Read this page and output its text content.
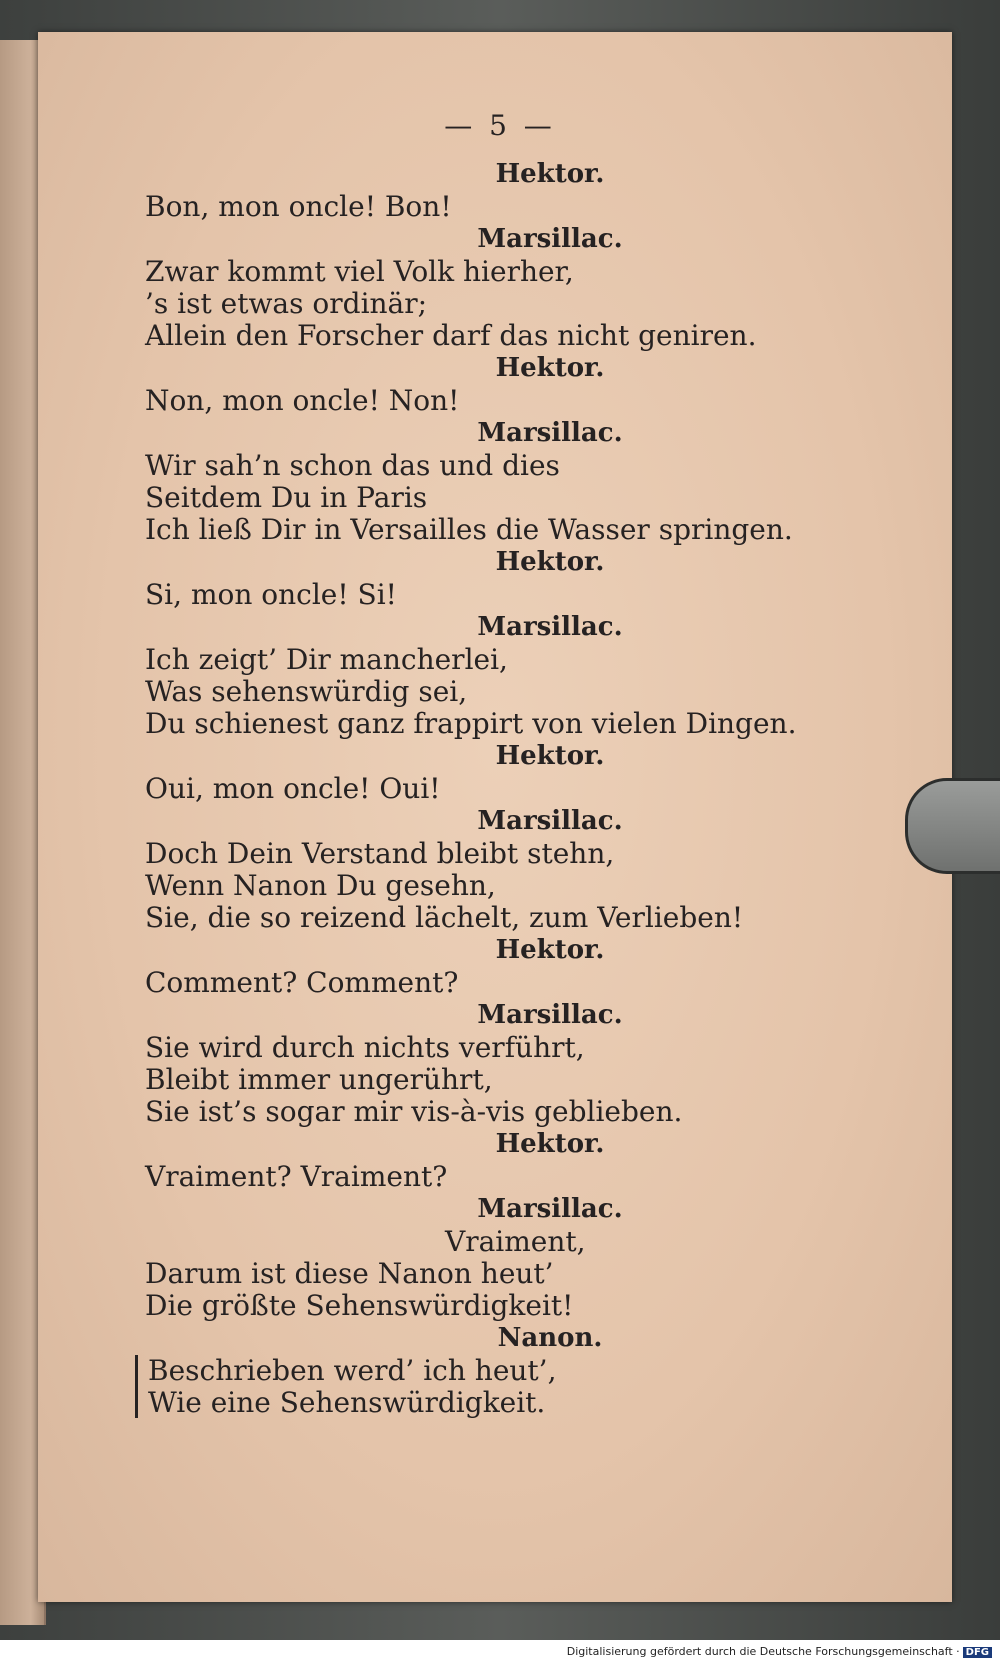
— 5 —
Hektor.
Bon, mon oncle! Bon!
Marsillac.
Zwar kommt viel Volk hierher,
’s ist etwas ordinär;
Allein den Forscher darf das nicht geniren.
Hektor.
Non, mon oncle! Non!
Marsillac.
Wir sah’n schon das und dies
Seitdem Du in Paris
Ich ließ Dir in Versailles die Wasser springen.
Hektor.
Si, mon oncle! Si!
Marsillac.
Ich zeigt’ Dir mancherlei,
Was sehenswürdig sei,
Du schienest ganz frappirt von vielen Dingen.
Hektor.
Oui, mon oncle! Oui!
Marsillac.
Doch Dein Verstand bleibt stehn,
Wenn Nanon Du gesehn,
Sie, die so reizend lächelt, zum Verlieben!
Hektor.
Comment? Comment?
Marsillac.
Sie wird durch nichts verführt,
Bleibt immer ungerührt,
Sie ist’s sogar mir vis-à-vis geblieben.
Hektor.
Vraiment? Vraiment?
Marsillac.
Vraiment,
Darum ist diese Nanon heut’
Die größte Sehenswürdigkeit!
Nanon.
Beschrieben werd’ ich heut’,
Wie eine Sehenswürdigkeit.
Digitalisierung gefördert durch die Deutsche Forschungsgemeinschaft · DFG
